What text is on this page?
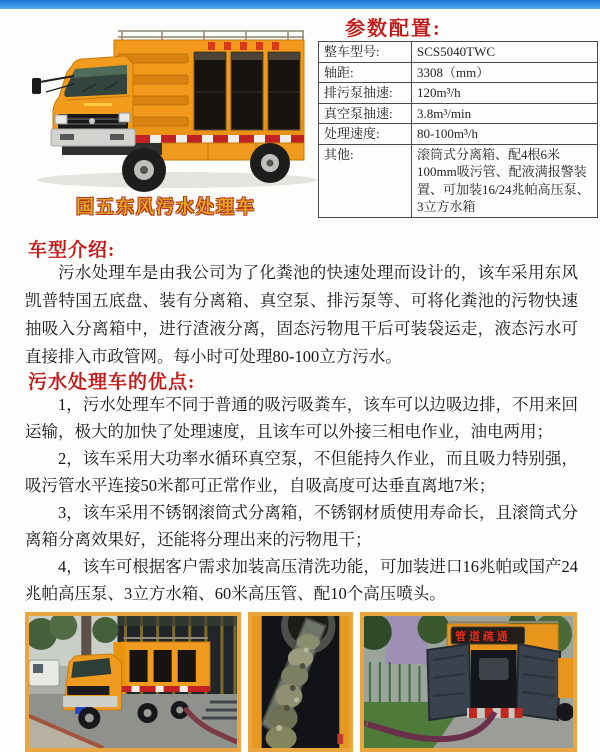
国五东风污水处理车
参数配置:
整车型号:	SCS5040TWC
轴距:	3308（mm）
排污泵抽速:	120m³/h
真空泵抽速:	3.8m³/min
处理速度:	80-100m³/h
其他:	滚筒式分离箱、配4根6米100mm吸污管、配液满报警装置、可加装16/24兆帕高压泵、3立方水箱
车型介绍:
污水处理车是由我公司为了化粪池的快速处理而设计的，该车采用东风凯普特国五底盘、装有分离箱、真空泵、排污泵等、可将化粪池的污物快速抽吸入分离箱中，进行渣液分离，固态污物甩干后可装袋运走，液态污水可直接排入市政管网。每小时可处理80-100立方污水。
污水处理车的优点:

1，污水处理车不同于普通的吸污吸粪车，该车可以边吸边排，不用来回运输，极大的加快了处理速度，且该车可以外接三相电作业，油电两用；

2，该车采用大功率水循环真空泵，不但能持久作业，而且吸力特别强，吸污管水平连接50米都可正常作业，自吸高度可达垂直离地7米；

3，该车采用不锈钢滚筒式分离箱，不锈钢材质使用寿命长，且滚筒式分离箱分离效果好，还能将分理出来的污物甩干；

4，该车可根据客户需求加装高压清洗功能，可加装进口16兆帕或国产24兆帕高压泵、3立方水箱、60米高压管、配10个高压喷头。

管道疏通
